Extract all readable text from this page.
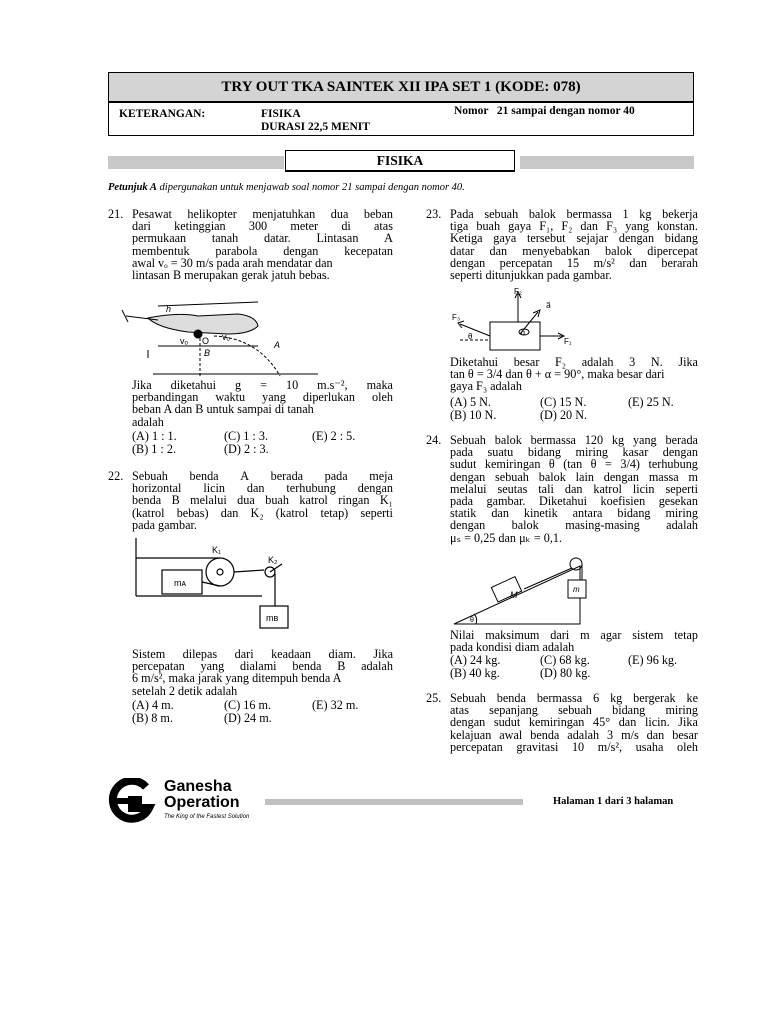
TRY OUT TKA SAINTEK XII IPA SET 1 (KODE: 078)
KETERANGAN:	FISIKA
DURASI 22,5 MENIT
Nomor   21 sampai dengan nomor 40
FISIKA
Petunjuk A dipergunakan untuk menjawab soal nomor 21 sampai dengan nomor 40.
21. Pesawat helikopter menjatuhkan dua beban
dari ketinggian 300 meter di atas
permukaan tanah datar. Lintasan A
membentuk parabola dengan kecepatan
awal vₒ = 30 m/s pada arah mendatar dan
lintasan B merupakan gerak jatuh bebas.
h
vₒ O vₒ
A
B
Jika diketahui g = 10 m.s⁻², maka
perbandingan waktu yang diperlukan oleh
beban A dan B untuk sampai di tanah
adalah
(A) 1 : 1.	(C) 1 : 3.	(E) 2 : 5.
(B) 1 : 2.	(D) 2 : 3.
22. Sebuah benda A berada pada meja
horizontal licin dan terhubung dengan
benda B melalui dua buah katrol ringan K₁
(katrol bebas) dan K₂ (katrol tetap) seperti
pada gambar.
K₁
K₂
mᴀ
mʙ
Sistem dilepas dari keadaan diam. Jika
percepatan yang dialami benda B adalah
6 m/s², maka jarak yang ditempuh benda A
setelah 2 detik adalah
(A) 4 m.	(C) 16 m.	(E) 32 m.
(B) 8 m.	(D) 24 m.
23. Pada sebuah balok bermassa 1 kg bekerja
tiga buah gaya F₁, F₂ dan F₃ yang konstan.
Ketiga gaya tersebut sejajar dengan bidang
datar dan menyebabkan balok dipercepat
dengan percepatan 15 m/s² dan berarah
seperti ditunjukkan pada gambar.
F₂
a⃗
F₃
F₁
θ	α
Diketahui besar F₂ adalah 3 N. Jika
tan θ = 3/4 dan θ + α = 90°, maka besar dari
gaya F₃ adalah
(A) 5 N.	(C) 15 N.	(E) 25 N.
(B) 10 N.	(D) 20 N.
24. Sebuah balok bermassa 120 kg yang berada
pada suatu bidang miring kasar dengan
sudut kemiringan θ (tan θ = 3/4) terhubung
dengan sebuah balok lain dengan massa m
melalui seutas tali dan katrol licin seperti
pada gambar. Diketahui koefisien gesekan
statik dan kinetik antara bidang miring
dengan balok masing-masing adalah
μₛ = 0,25 dan μₖ = 0,1.
M
m
θ
Nilai maksimum dari m agar sistem tetap
pada kondisi diam adalah
(A) 24 kg.	(C) 68 kg.	(E) 96 kg.
(B) 40 kg.	(D) 80 kg.
25. Sebuah benda bermassa 6 kg bergerak ke
atas sepanjang sebuah bidang miring
dengan sudut kemiringan 45° dan licin. Jika
kelajuan awal benda adalah 3 m/s dan besar
percepatan gravitasi 10 m/s², usaha oleh
Ganesha
Operation
The King of the Fastest Solution
Halaman 1 dari 3 halaman
